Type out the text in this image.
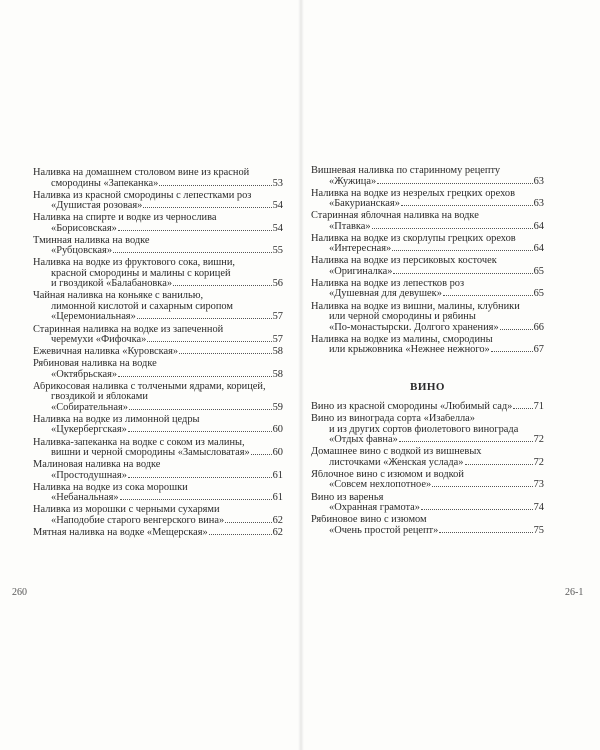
Наливка на домашнем столовом вине из красной
смородины «Запеканка»	53
Наливка из красной смородины с лепестками роз
«Душистая розовая»	54
Наливка на спирте и водке из чернослива
«Борисовская»	54
Тминная наливка на водке
«Рубцовская»	55
Наливка на водке из фруктового сока, вишни,
красной смородины и малины с корицей
и гвоздикой «Балабановка»	56
Чайная наливка на коньяке с ванилью,
лимонной кислотой и сахарным сиропом
«Церемониальная»	57
Старинная наливка на водке из запеченной
черемухи «Фифочка»	57
Ежевичная наливка «Куровская»	58
Рябиновая наливка на водке
«Октябрьская»	58
Абрикосовая наливка с толчеными ядрами, корицей,
гвоздикой и яблоками
«Собирательная»	59
Наливка на водке из лимонной цедры
«Цукербергская»	60
Наливка-запеканка на водке с соком из малины,
вишни и черной смородины «Замысловатая» 60
Малиновая наливка на водке
«Простодушная»	61
Наливка на водке из сока морошки
«Небанальная»	61
Наливка из морошки с черными сухарями
«Наподобие старого венгерского вина»	62
Мятная наливка на водке «Мещерская»	62
Вишневая наливка по старинному рецепту
«Жужица»	63
Наливка на водке из незрелых грецких орехов
«Бакурианская»	63
Старинная яблочная наливка на водке
«Птавка»	64
Наливка на водке из скорлупы грецких орехов
«Интересная»	64
Наливка на водке из персиковых косточек
«Оригиналка»	65
Наливка на водке из лепестков роз
«Душевная для девушек»	65
Наливка на водке из вишни, малины, клубники
или черной смородины и рябины
«По-монастырски. Долгого хранения»	66
Наливка на водке из малины, смородины
или крыжовника «Нежнее нежного»	67
ВИНО
Вино из красной смородины «Любимый сад» 71
Вино из винограда сорта «Изабелла»
и из других сортов фиолетового винограда
«Отдых фавна»	72
Домашнее вино с водкой из вишневых
листочками «Женская услада»	72
Яблочное вино с изюмом и водкой
«Совсем нехлопотное»	73
Вино из варенья
«Охранная грамота»	74
Рябиновое вино с изюмом
«Очень простой рецепт»	75
260	26-1
